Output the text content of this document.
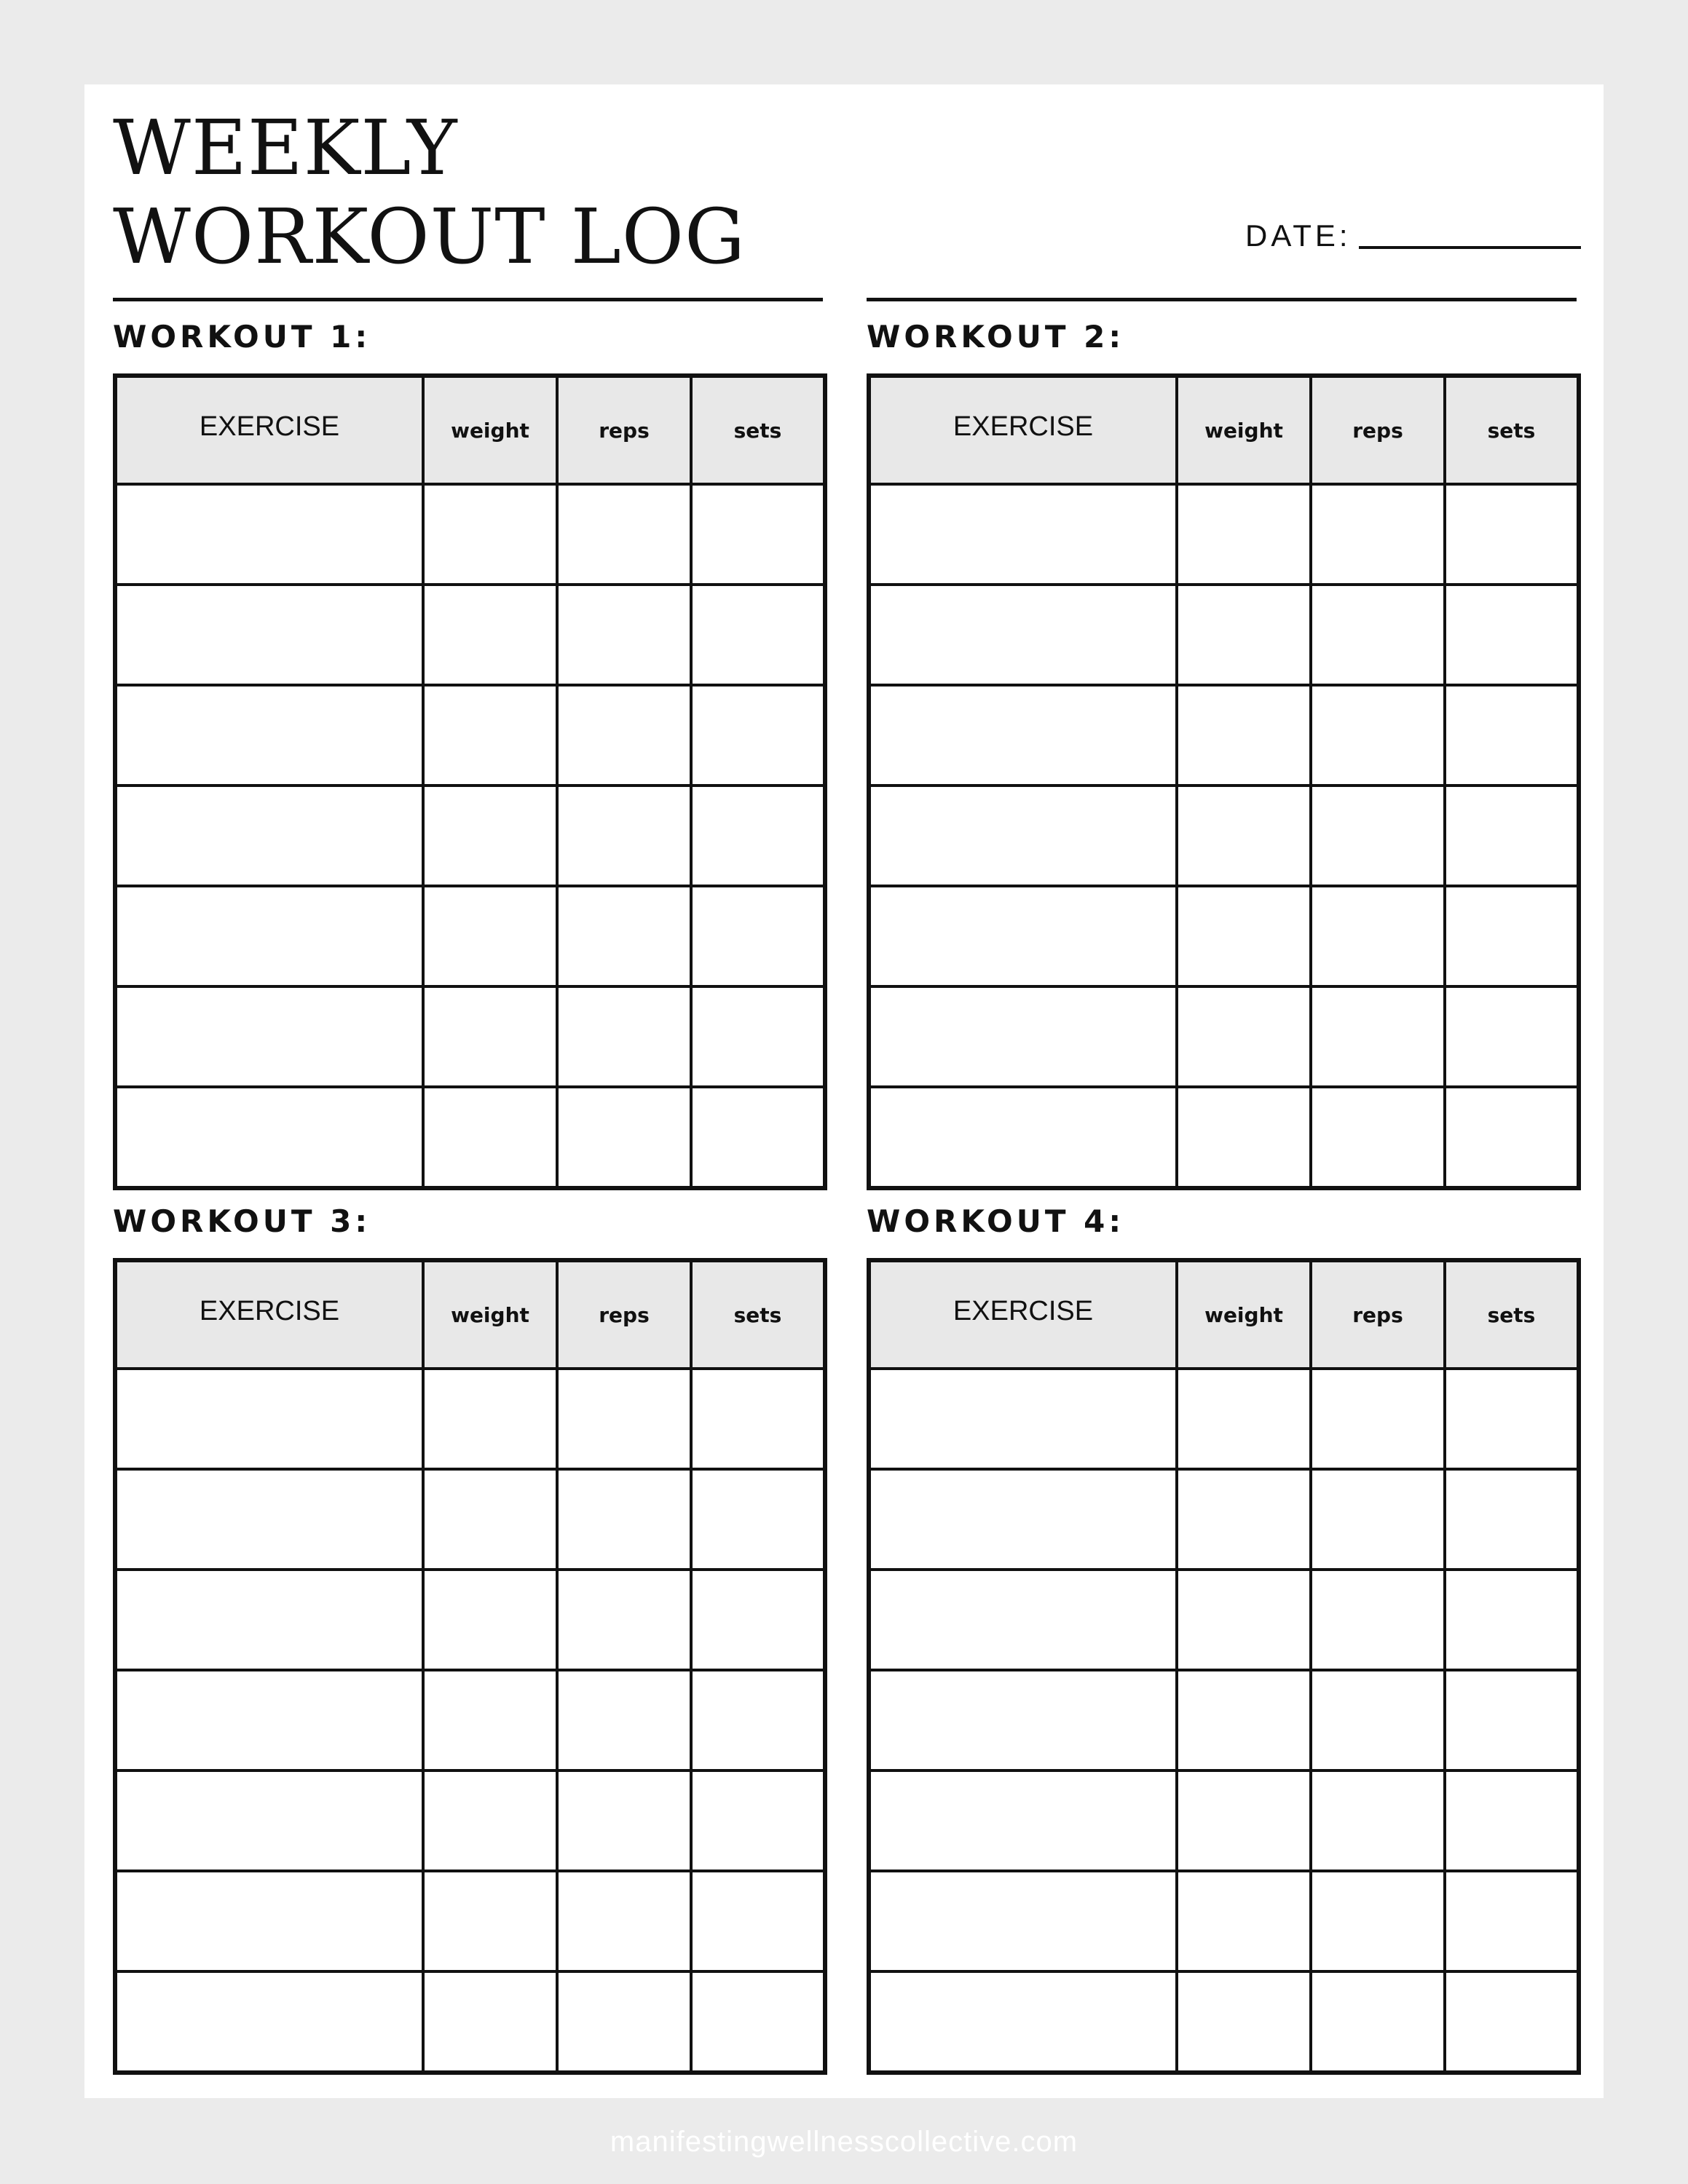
WEEKLY
WORKOUT LOG	DATE:
WORKOUT 1:
EXERCISE	weight	reps	sets

WORKOUT 2:
EXERCISE	weight	reps	sets

WORKOUT 3:
EXERCISE	weight	reps	sets

WORKOUT 4:
EXERCISE	weight	reps	sets

manifestingwellnesscollective.com
